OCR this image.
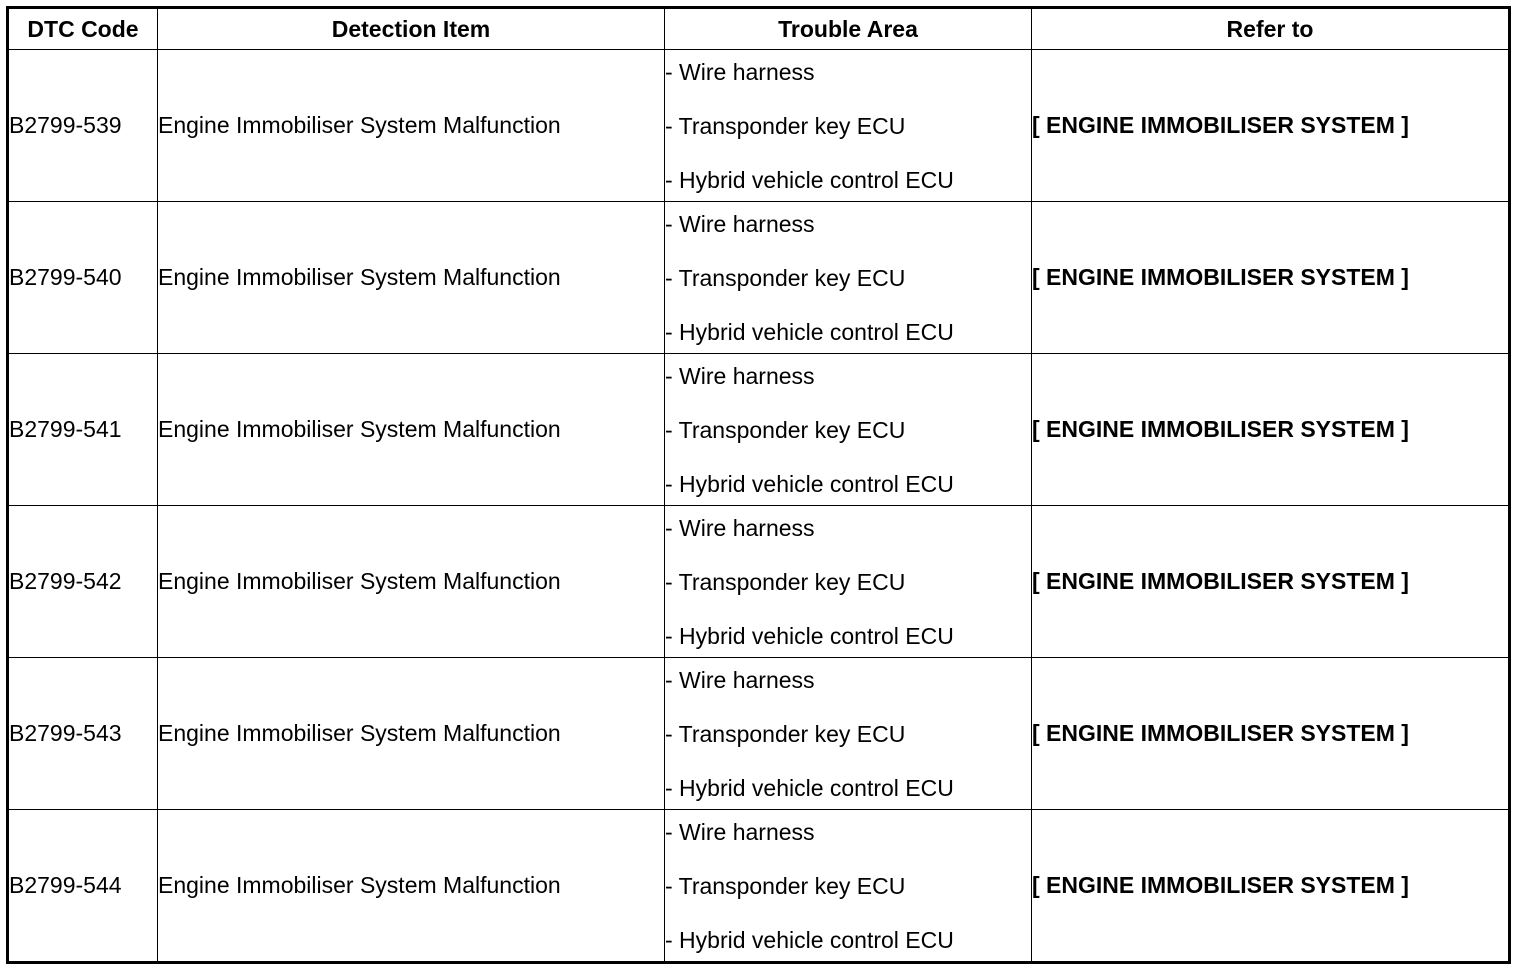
DTC Code	Detection Item	Trouble Area	Refer to
B2799-539	Engine Immobiliser System Malfunction	- Wire harness
- Transponder key ECU
- Hybrid vehicle control ECU	[ ENGINE IMMOBILISER SYSTEM ]
B2799-540	Engine Immobiliser System Malfunction	- Wire harness
- Transponder key ECU
- Hybrid vehicle control ECU	[ ENGINE IMMOBILISER SYSTEM ]
B2799-541	Engine Immobiliser System Malfunction	- Wire harness
- Transponder key ECU
- Hybrid vehicle control ECU	[ ENGINE IMMOBILISER SYSTEM ]
B2799-542	Engine Immobiliser System Malfunction	- Wire harness
- Transponder key ECU
- Hybrid vehicle control ECU	[ ENGINE IMMOBILISER SYSTEM ]
B2799-543	Engine Immobiliser System Malfunction	- Wire harness
- Transponder key ECU
- Hybrid vehicle control ECU	[ ENGINE IMMOBILISER SYSTEM ]
B2799-544	Engine Immobiliser System Malfunction	- Wire harness
- Transponder key ECU
- Hybrid vehicle control ECU	[ ENGINE IMMOBILISER SYSTEM ]
